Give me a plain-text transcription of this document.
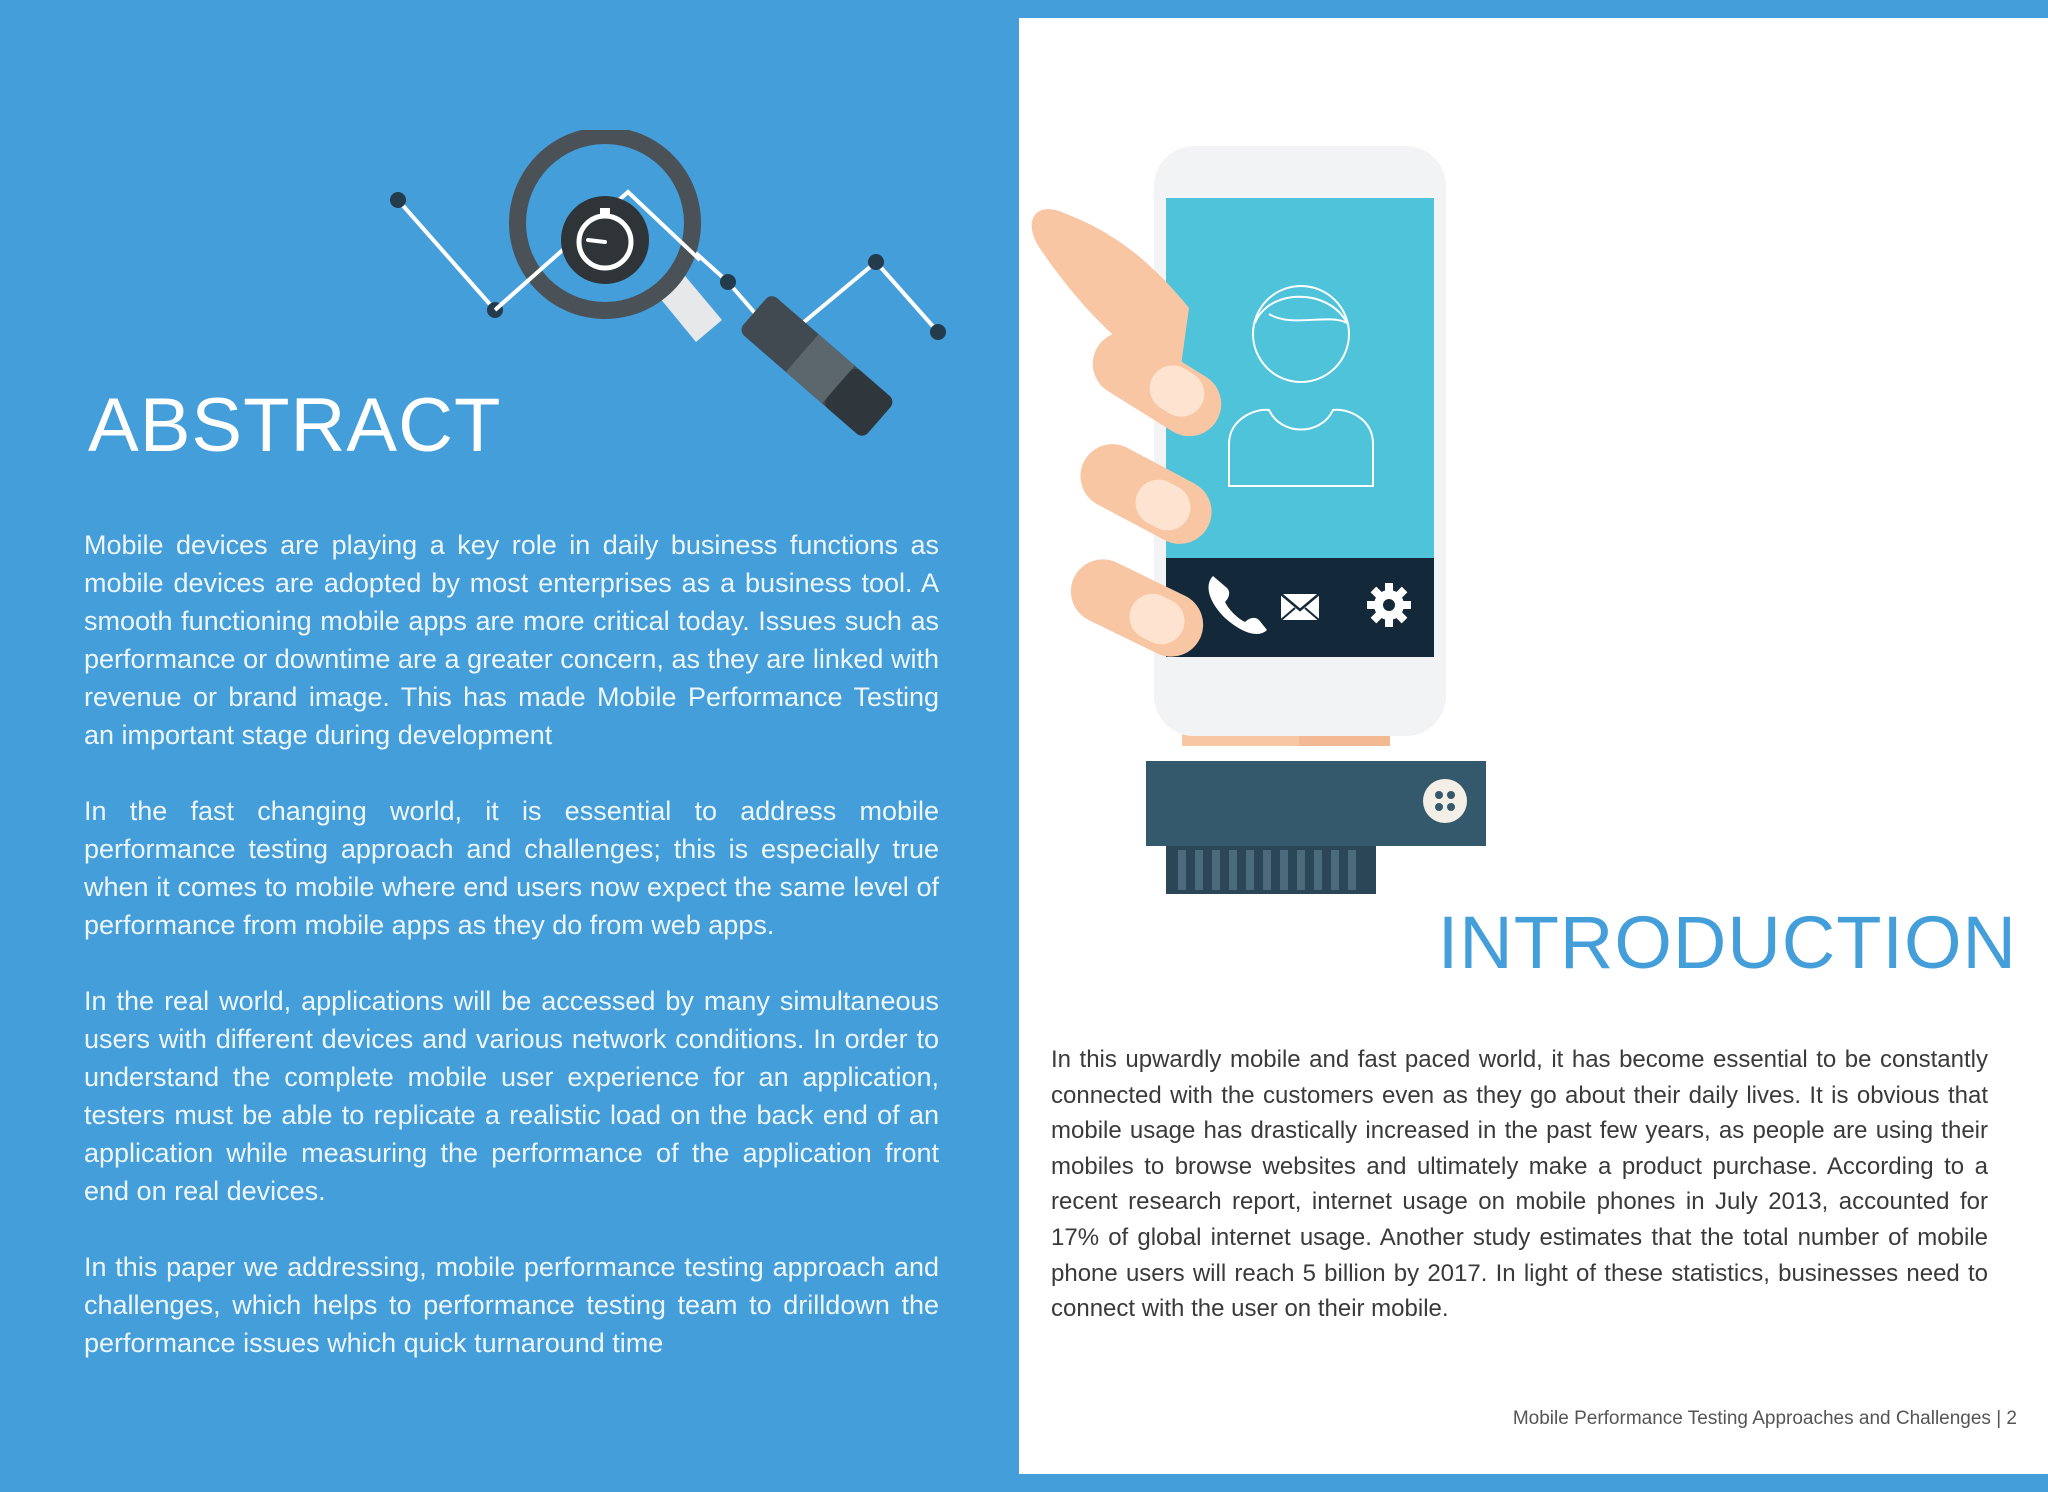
ABSTRACT

Mobile devices are playing a key role in daily business functions as mobile devices are adopted by most enterprises as a business tool. A smooth functioning mobile apps are more critical today. Issues such as performance or downtime are a greater concern, as they are linked with revenue or brand image. This has made Mobile Performance Testing an important stage during development

In the fast changing world, it is essential to address mobile performance testing approach and challenges; this is especially true when it comes to mobile where end users now expect the same level of performance from mobile apps as they do from web apps.

In the real world, applications will be accessed by many simultaneous users with different devices and various network conditions. In order to understand the complete mobile user experience for an application, testers must be able to replicate a realistic load on the back end of an application while measuring the performance of the application front end on real devices.

In this paper we addressing, mobile performance testing approach and challenges, which helps to performance testing team to drilldown the performance issues which quick turnaround time

INTRODUCTION

In this upwardly mobile and fast paced world, it has become essential to be constantly connected with the customers even as they go about their daily lives. It is obvious that mobile usage has drastically increased in the past few years, as people are using their mobiles to browse websites and ultimately make a product purchase. According to a recent research report, internet usage on mobile phones in July 2013, accounted for 17% of global internet usage. Another study estimates that the total number of mobile phone users will reach 5 billion by 2017. In light of these statistics, businesses need to connect with the user on their mobile.

Mobile Performance Testing Approaches and Challenges | 2
